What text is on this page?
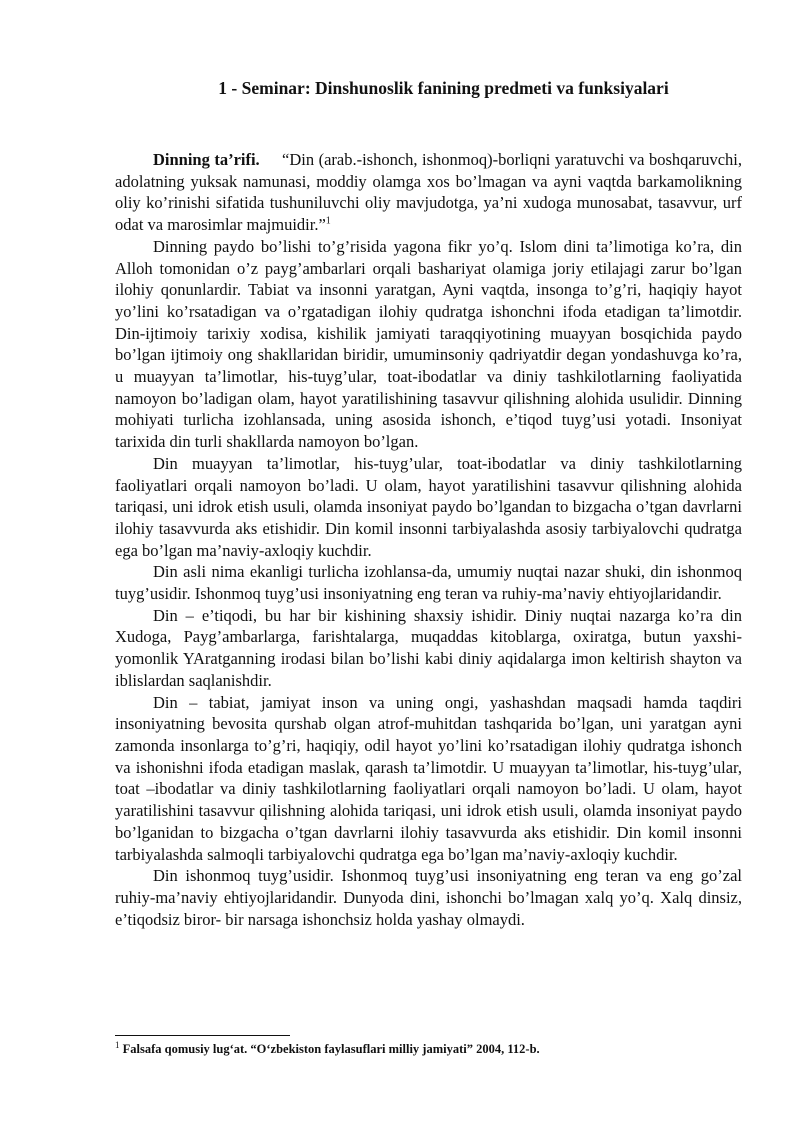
1 - Seminar: Dinshunoslik fanining predmeti va funksiyalari

Dinning ta’rifi. “Din (arab.-ishonch, ishonmoq)-borliqni yaratuvchi va boshqaruvchi, adolatning yuksak namunasi, moddiy olamga xos bo’lmagan va ayni vaqtda barkamolikning oliy ko’rinishi sifatida tushuniluvchi oliy mavjudotga, ya’ni xudoga munosabat, tasavvur, urf odat va marosimlar majmuidir.”$^1$

Dinning paydo bo’lishi to’g’risida yagona fikr yo’q. Islom dini ta’limotiga ko’ra, din Alloh tomonidan o’z payg’ambarlari orqali bashariyat olamiga joriy etilajagi zarur bo’lgan ilohiy qonunlardir. Tabiat va insonni yaratgan, Ayni vaqtda, insonga to’g’ri, haqiqiy hayot yo’lini ko’rsatadigan va o’rgatadigan ilohiy qudratga ishonchni ifoda etadigan ta’limotdir. Din-ijtimoiy tarixiy xodisa, kishilik jamiyati taraqqiyotining muayyan bosqichida paydo bo’lgan ijtimoiy ong shakllaridan biridir, umuminsoniy qadriyatdir degan yondashuvga ko’ra, u muayyan ta’limotlar, his-tuyg’ular, toat-ibodatlar va diniy tashkilotlarning faoliyatida namoyon bo’ladigan olam, hayot yaratilishining tasavvur qilishning alohida usulidir. Dinning mohiyati turlicha izohlansada, uning asosida ishonch, e’tiqod tuyg’usi yotadi. Insoniyat tarixida din turli shakllarda namoyon bo’lgan.

Din muayyan ta’limotlar, his-tuyg’ular, toat-ibodatlar va diniy tashkilotlarning faoliyatlari orqali namoyon bo’ladi. U olam, hayot yaratilishini tasavvur qilishning alohida tariqasi, uni idrok etish usuli, olamda insoniyat paydo bo’lgandan to bizgacha o’tgan davrlarni ilohiy tasavvurda aks etishidir. Din komil insonni tarbiyalashda asosiy tarbiyalovchi qudratga ega bo’lgan ma’naviy-axloqiy kuchdir.

Din asli nima ekanligi turlicha izohlansa-da, umumiy nuqtai nazar shuki, din ishonmoq tuyg’usidir. Ishonmoq tuyg’usi insoniyatning eng teran va ruhiy-ma’naviy ehtiyojlaridandir.

Din – e’tiqodi, bu har bir kishining shaxsiy ishidir. Diniy nuqtai nazarga ko’ra din Xudoga, Payg’ambarlarga, farishtalarga, muqaddas kitoblarga, oxiratga, butun yaxshi- yomonlik YAratganning irodasi bilan bo’lishi kabi diniy aqidalarga imon keltirish shayton va iblislardan saqlanishdir.

Din – tabiat, jamiyat inson va uning ongi, yashashdan maqsadi hamda taqdiri insoniyatning bevosita qurshab olgan atrof-muhitdan tashqarida bo’lgan, uni yaratgan ayni zamonda insonlarga to’g’ri, haqiqiy, odil hayot yo’lini ko’rsatadigan ilohiy qudratga ishonch va ishonishni ifoda etadigan maslak, qarash ta’limotdir. U muayyan ta’limotlar, his-tuyg’ular, toat –ibodatlar va diniy tashkilotlarning faoliyatlari orqali namoyon bo’ladi. U olam, hayot yaratilishini tasavvur qilishning alohida tariqasi, uni idrok etish usuli, olamda insoniyat paydo bo’lganidan to bizgacha o’tgan davrlarni ilohiy tasavvurda aks etishidir. Din komil insonni tarbiyalashda salmoqli tarbiyalovchi qudratga ega bo’lgan ma’naviy-axloqiy kuchdir.

Din ishonmoq tuyg’usidir. Ishonmoq tuyg’usi insoniyatning eng teran va eng go’zal ruhiy-ma’naviy ehtiyojlaridandir. Dunyoda dini, ishonchi bo’lmagan xalq yo’q. Xalq dinsiz, e’tiqodsiz biror- bir narsaga ishonchsiz holda yashay olmaydi.

$^1$ Falsafa qomusiy lug‘at. “O‘zbekiston faylasuflari milliy jamiyati” 2004, 112-b.
